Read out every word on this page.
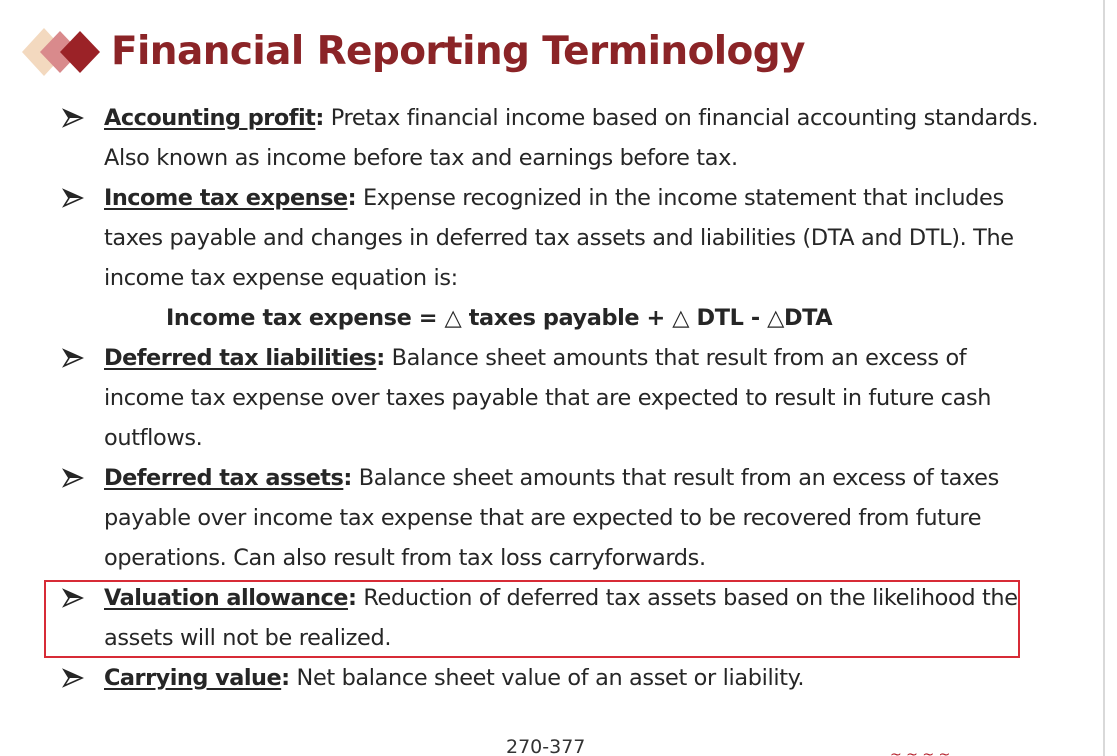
Financial Reporting Terminology
Accounting profit: Pretax financial income based on financial accounting standards. Also known as income before tax and earnings before tax.
Income tax expense: Expense recognized in the income statement that includes taxes payable and changes in deferred tax assets and liabilities (DTA and DTL). The income tax expense equation is:
Income tax expense = △ taxes payable + △ DTL - △DTA
Deferred tax liabilities: Balance sheet amounts that result from an excess of income tax expense over taxes payable that are expected to result in future cash outflows.
Deferred tax assets: Balance sheet amounts that result from an excess of taxes payable over income tax expense that are expected to be recovered from future operations. Can also result from tax loss carryforwards.
Valuation allowance: Reduction of deferred tax assets based on the likelihood the assets will not be realized.
Carrying value: Net balance sheet value of an asset or liability.
270-377	~ ~ ~ ~
